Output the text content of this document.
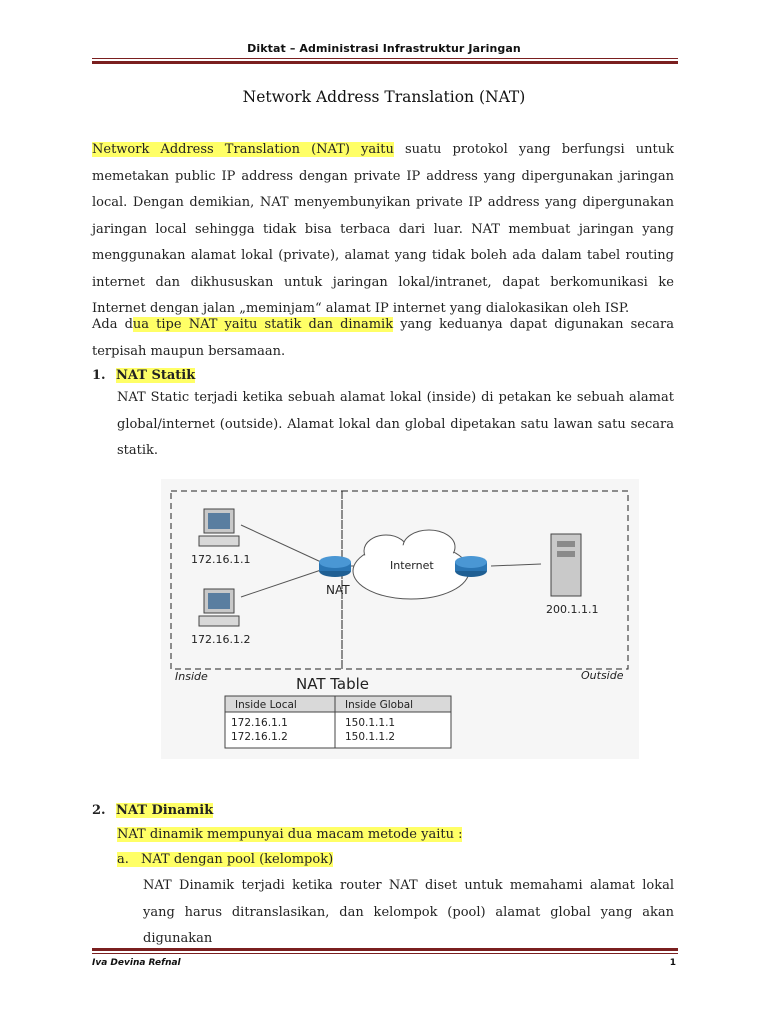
Diktat – Administrasi Infrastruktur Jaringan
Network Address Translation (NAT)
Network Address Translation (NAT) yaitu suatu protokol yang berfungsi untuk memetakan public IP address dengan private IP address yang dipergunakan jaringan local. Dengan demikian, NAT menyembunyikan private IP address yang dipergunakan jaringan local sehingga tidak bisa terbaca dari luar. NAT membuat jaringan yang menggunakan alamat lokal (private), alamat yang tidak boleh ada dalam tabel routing internet dan dikhususkan untuk jaringan lokal/intranet, dapat berkomunikasi ke Internet dengan jalan „meminjam“ alamat IP internet yang dialokasikan oleh ISP.
Ada dua tipe NAT yaitu statik dan dinamik yang keduanya dapat digunakan secara terpisah maupun bersamaan.
1. NAT Statik
NAT Static terjadi ketika sebuah alamat lokal (inside) di petakan ke sebuah alamat global/internet (outside). Alamat lokal dan global dipetakan satu lawan satu secara statik.
172.16.1.1
172.16.1.2
NAT
Internet
200.1.1.1
Inside	Outside
NAT Table
Inside Local	Inside Global
172.16.1.1	150.1.1.1
172.16.1.2	150.1.1.2
2. NAT Dinamik
NAT dinamik mempunyai dua macam metode yaitu :
a. NAT dengan pool (kelompok)
NAT Dinamik terjadi ketika router NAT diset untuk memahami alamat lokal yang harus ditranslasikan, dan kelompok (pool) alamat global yang akan digunakan
Iva Devina Refnal	1
